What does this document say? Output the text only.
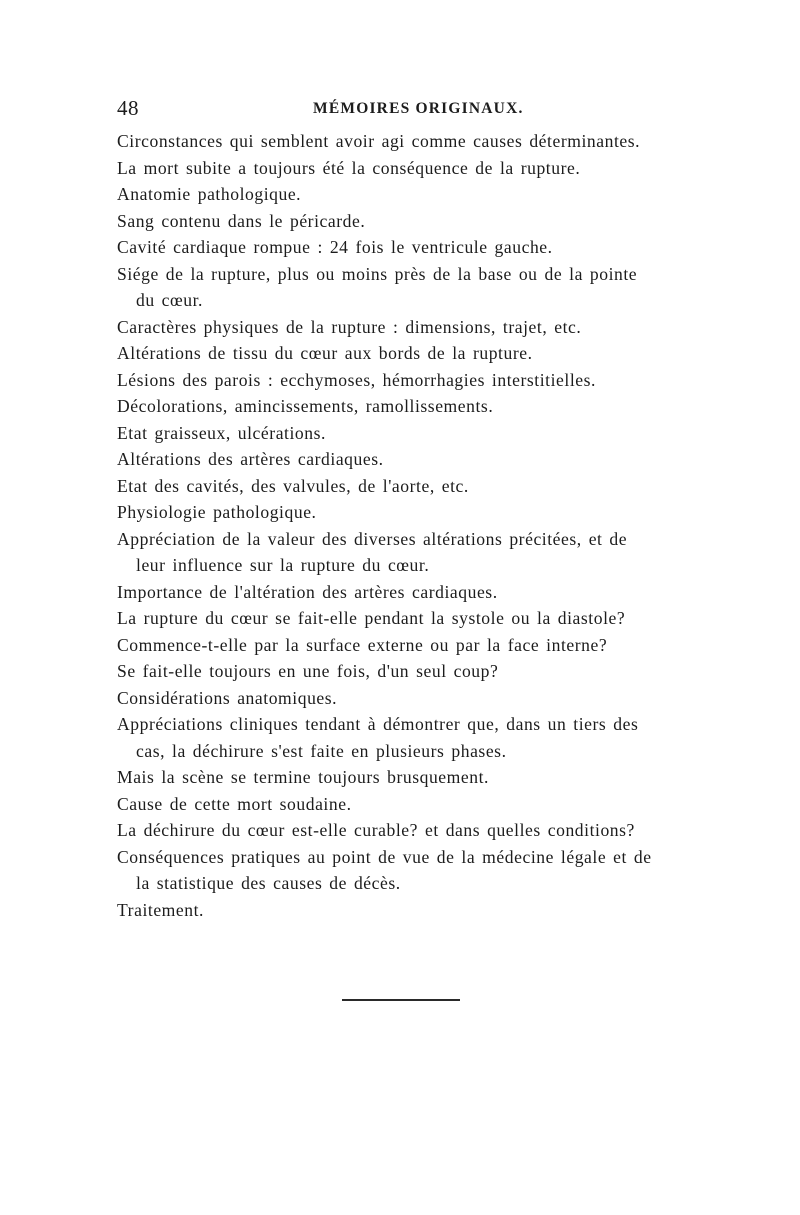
48	MÉMOIRES ORIGINAUX.
Circonstances qui semblent avoir agi comme causes déterminantes.
La mort subite a toujours été la conséquence de la rupture.
Anatomie pathologique.
Sang contenu dans le péricarde.
Cavité cardiaque rompue : 24 fois le ventricule gauche.
Siége de la rupture, plus ou moins près de la base ou de la pointe
du cœur.
Caractères physiques de la rupture : dimensions, trajet, etc.
Altérations de tissu du cœur aux bords de la rupture.
Lésions des parois : ecchymoses, hémorrhagies interstitielles.
Décolorations, amincissements, ramollissements.
Etat graisseux, ulcérations.
Altérations des artères cardiaques.
Etat des cavités, des valvules, de l'aorte, etc.
Physiologie pathologique.
Appréciation de la valeur des diverses altérations précitées, et de
leur influence sur la rupture du cœur.
Importance de l'altération des artères cardiaques.
La rupture du cœur se fait-elle pendant la systole ou la diastole?
Commence-t-elle par la surface externe ou par la face interne?
Se fait-elle toujours en une fois, d'un seul coup?
Considérations anatomiques.
Appréciations cliniques tendant à démontrer que, dans un tiers des
cas, la déchirure s'est faite en plusieurs phases.
Mais la scène se termine toujours brusquement.
Cause de cette mort soudaine.
La déchirure du cœur est-elle curable? et dans quelles conditions?
Conséquences pratiques au point de vue de la médecine légale et de
la statistique des causes de décès.
Traitement.
